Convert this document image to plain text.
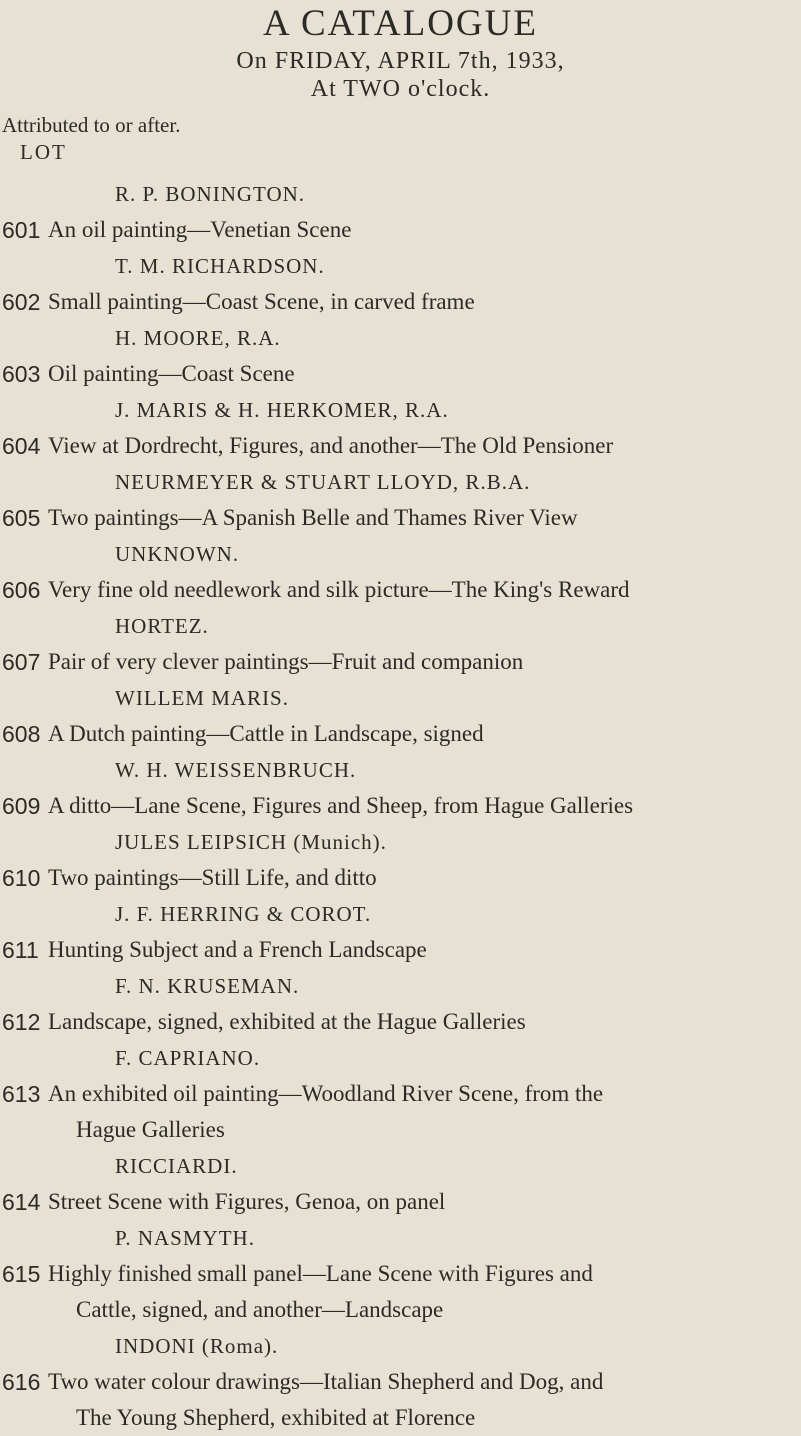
A CATALOGUE
On FRIDAY, APRIL 7th, 1933,
At TWO o'clock.
Attributed to or after.
LOT
R. P. BONINGTON.
601 An oil painting—Venetian Scene
T. M. RICHARDSON.
602 Small painting—Coast Scene, in carved frame
H. MOORE, R.A.
603 Oil painting—Coast Scene
J. MARIS & H. HERKOMER, R.A.
604 View at Dordrecht, Figures, and another—The Old Pensioner
NEURMEYER & STUART LLOYD, R.B.A.
605 Two paintings—A Spanish Belle and Thames River View
UNKNOWN.
606 Very fine old needlework and silk picture—The King's Reward
HORTEZ.
607 Pair of very clever paintings—Fruit and companion
WILLEM MARIS.
608 A Dutch painting—Cattle in Landscape, signed
W. H. WEISSENBRUCH.
609 A ditto—Lane Scene, Figures and Sheep, from Hague Galleries
JULES LEIPSICH (Munich).
610 Two paintings—Still Life, and ditto
J. F. HERRING & COROT.
611 Hunting Subject and a French Landscape
F. N. KRUSEMAN.
612 Landscape, signed, exhibited at the Hague Galleries
F. CAPRIANO.
613 An exhibited oil painting—Woodland River Scene, from the
Hague Galleries
RICCIARDI.
614 Street Scene with Figures, Genoa, on panel
P. NASMYTH.
615 Highly finished small panel—Lane Scene with Figures and
Cattle, signed, and another—Landscape
INDONI (Roma).
616 Two water colour drawings—Italian Shepherd and Dog, and
The Young Shepherd, exhibited at Florence
